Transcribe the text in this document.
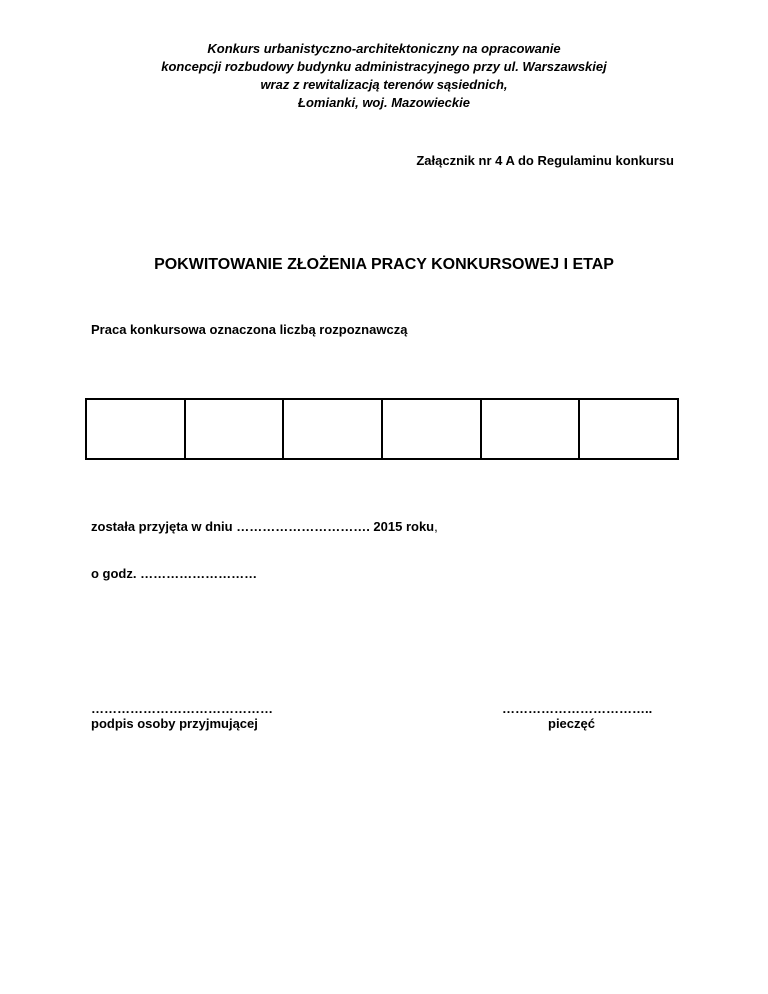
Konkurs urbanistyczno-architektoniczny na opracowanie
koncepcji rozbudowy budynku administracyjnego przy ul. Warszawskiej
wraz z rewitalizacją terenów sąsiednich,
Łomianki, woj. Mazowieckie
Załącznik nr 4 A do Regulaminu konkursu
POKWITOWANIE ZŁOŻENIA PRACY KONKURSOWEJ I ETAP
Praca konkursowa oznaczona liczbą rozpoznawczą
została przyjęta w dniu …………………………. 2015 roku,
o godz. ………………………
……………………………………
podpis osoby przyjmującej
……………………………..
pieczęć
